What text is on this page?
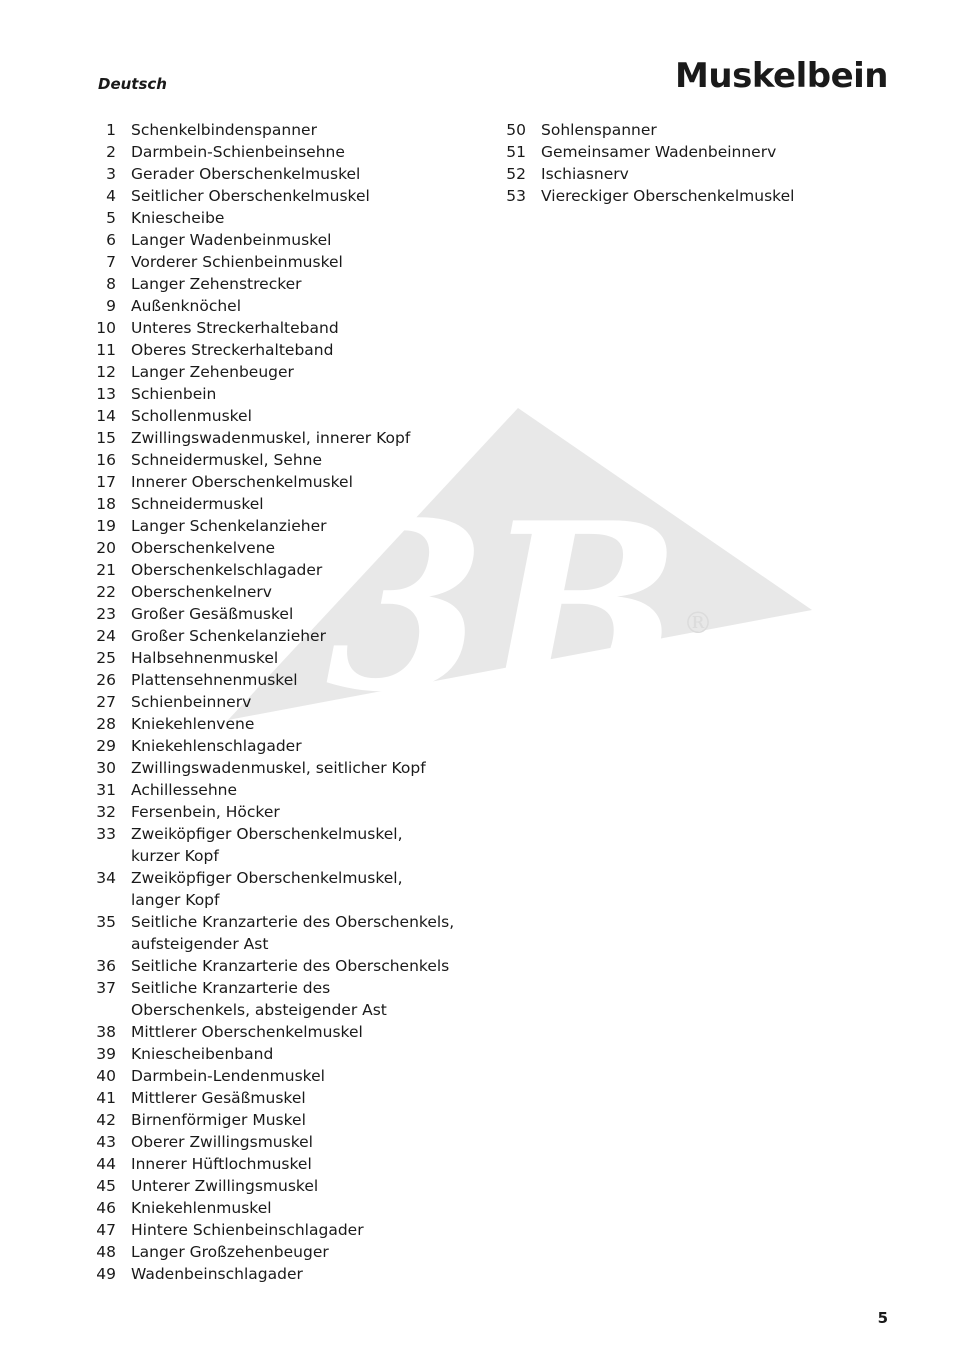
Deutsch	Muskelbein
3B ®
1 Schenkelbindenspanner
2 Darmbein-Schienbeinsehne
3 Gerader Oberschenkelmuskel
4 Seitlicher Oberschenkelmuskel
5 Kniescheibe
6 Langer Wadenbeinmuskel
7 Vorderer Schienbeinmuskel
8 Langer Zehenstrecker
9 Außenknöchel
10 Unteres Streckerhalteband
11 Oberes Streckerhalteband
12 Langer Zehenbeuger
13 Schienbein
14 Schollenmuskel
15 Zwillingswadenmuskel, innerer Kopf
16 Schneidermuskel, Sehne
17 Innerer Oberschenkelmuskel
18 Schneidermuskel
19 Langer Schenkelanzieher
20 Oberschenkelvene
21 Oberschenkelschlagader
22 Oberschenkelnerv
23 Großer Gesäßmuskel
24 Großer Schenkelanzieher
25 Halbsehnenmuskel
26 Plattensehnenmuskel
27 Schienbeinnerv
28 Kniekehlenvene
29 Kniekehlenschlagader
30 Zwillingswadenmuskel, seitlicher Kopf
31 Achillessehne
32 Fersenbein, Höcker
33 Zweiköpfiger Oberschenkelmuskel,
kurzer Kopf
34 Zweiköpfiger Oberschenkelmuskel,
langer Kopf
35 Seitliche Kranzarterie des Oberschenkels,
aufsteigender Ast
36 Seitliche Kranzarterie des Oberschenkels
37 Seitliche Kranzarterie des
Oberschenkels, absteigender Ast
38 Mittlerer Oberschenkelmuskel
39 Kniescheibenband
40 Darmbein-Lendenmuskel
41 Mittlerer Gesäßmuskel
42 Birnenförmiger Muskel
43 Oberer Zwillingsmuskel
44 Innerer Hüftlochmuskel
45 Unterer Zwillingsmuskel
46 Kniekehlenmuskel
47 Hintere Schienbeinschlagader
48 Langer Großzehenbeuger
49 Wadenbeinschlagader
50 Sohlenspanner
51 Gemeinsamer Wadenbeinnerv
52 Ischiasnerv
53 Viereckiger Oberschenkelmuskel
5
